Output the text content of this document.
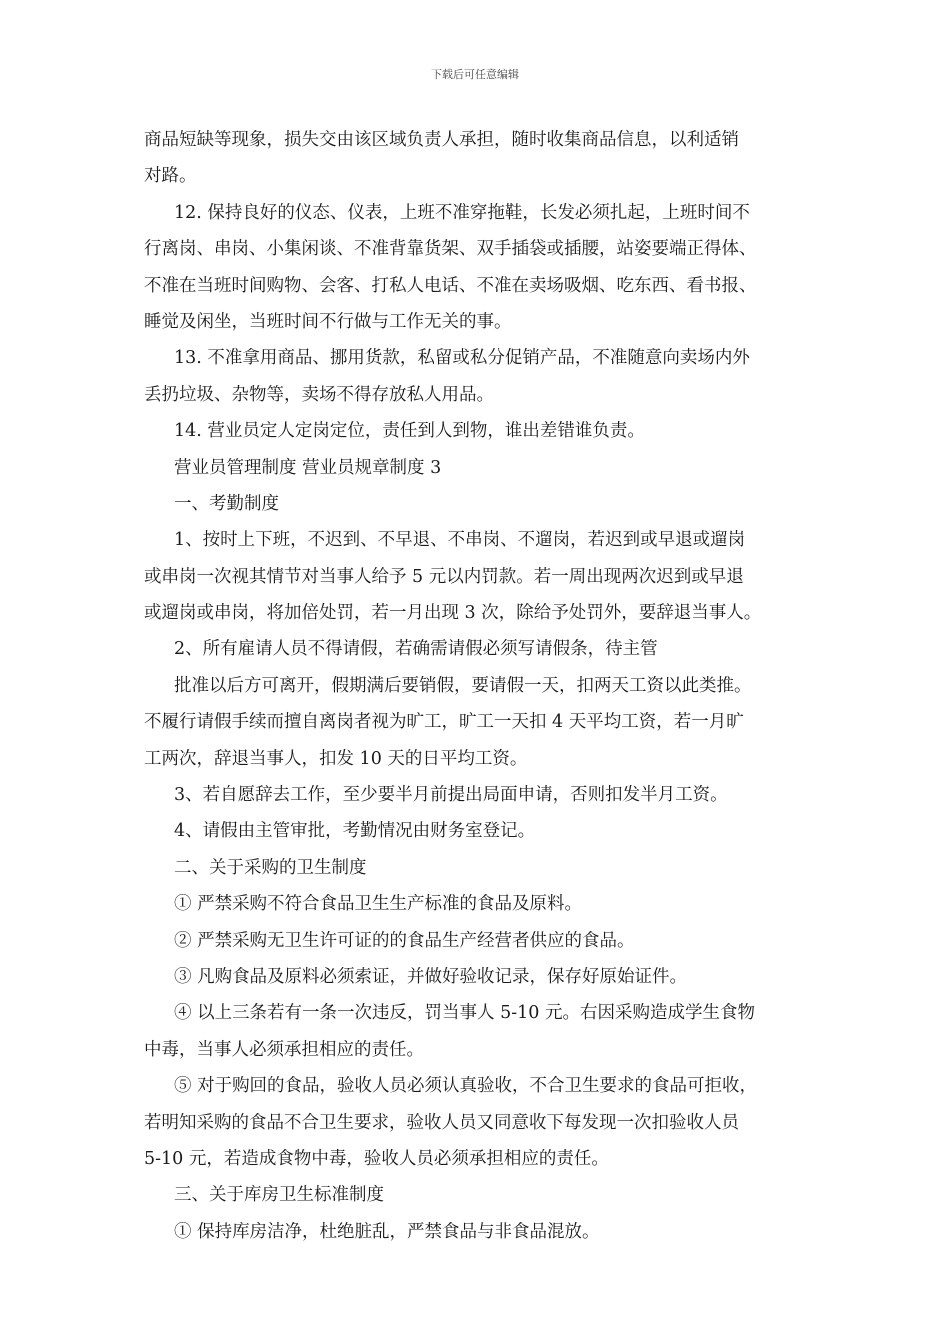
下载后可任意编辑
商品短缺等现象，损失交由该区域负责人承担，随时收集商品信息，以利适销
对路。
12. 保持良好的仪态、仪表，上班不准穿拖鞋，长发必须扎起，上班时间不
行离岗、串岗、小集闲谈、不准背靠货架、双手插袋或插腰，站姿要端正得体、
不准在当班时间购物、会客、打私人电话、不准在卖场吸烟、吃东西、看书报、
睡觉及闲坐，当班时间不行做与工作无关的事。
13. 不准拿用商品、挪用货款，私留或私分促销产品，不准随意向卖场内外
丢扔垃圾、杂物等，卖场不得存放私人用品。
14. 营业员定人定岗定位，责任到人到物，谁出差错谁负责。
营业员管理制度 营业员规章制度 3
一、考勤制度
1、按时上下班，不迟到、不早退、不串岗、不遛岗，若迟到或早退或遛岗
或串岗一次视其情节对当事人给予 5 元以内罚款。若一周出现两次迟到或早退
或遛岗或串岗，将加倍处罚，若一月出现 3 次，除给予处罚外，要辞退当事人。
2、所有雇请人员不得请假，若确需请假必须写请假条，待主管
批准以后方可离开，假期满后要销假，要请假一天，扣两天工资以此类推。
不履行请假手续而擅自离岗者视为旷工，旷工一天扣 4 天平均工资，若一月旷
工两次，辞退当事人，扣发 10 天的日平均工资。
3、若自愿辞去工作，至少要半月前提出局面申请，否则扣发半月工资。
4、请假由主管审批，考勤情况由财务室登记。
二、关于采购的卫生制度
① 严禁采购不符合食品卫生生产标准的食品及原料。
② 严禁采购无卫生许可证的的食品生产经营者供应的食品。
③ 凡购食品及原料必须索证，并做好验收记录，保存好原始证件。
④ 以上三条若有一条一次违反，罚当事人 5-10 元。右因采购造成学生食物
中毒，当事人必须承担相应的责任。
⑤ 对于购回的食品，验收人员必须认真验收，不合卫生要求的食品可拒收，
若明知采购的食品不合卫生要求，验收人员又同意收下每发现一次扣验收人员
5-10 元，若造成食物中毒，验收人员必须承担相应的责任。
三、关于库房卫生标准制度
① 保持库房洁净，杜绝脏乱，严禁食品与非食品混放。
